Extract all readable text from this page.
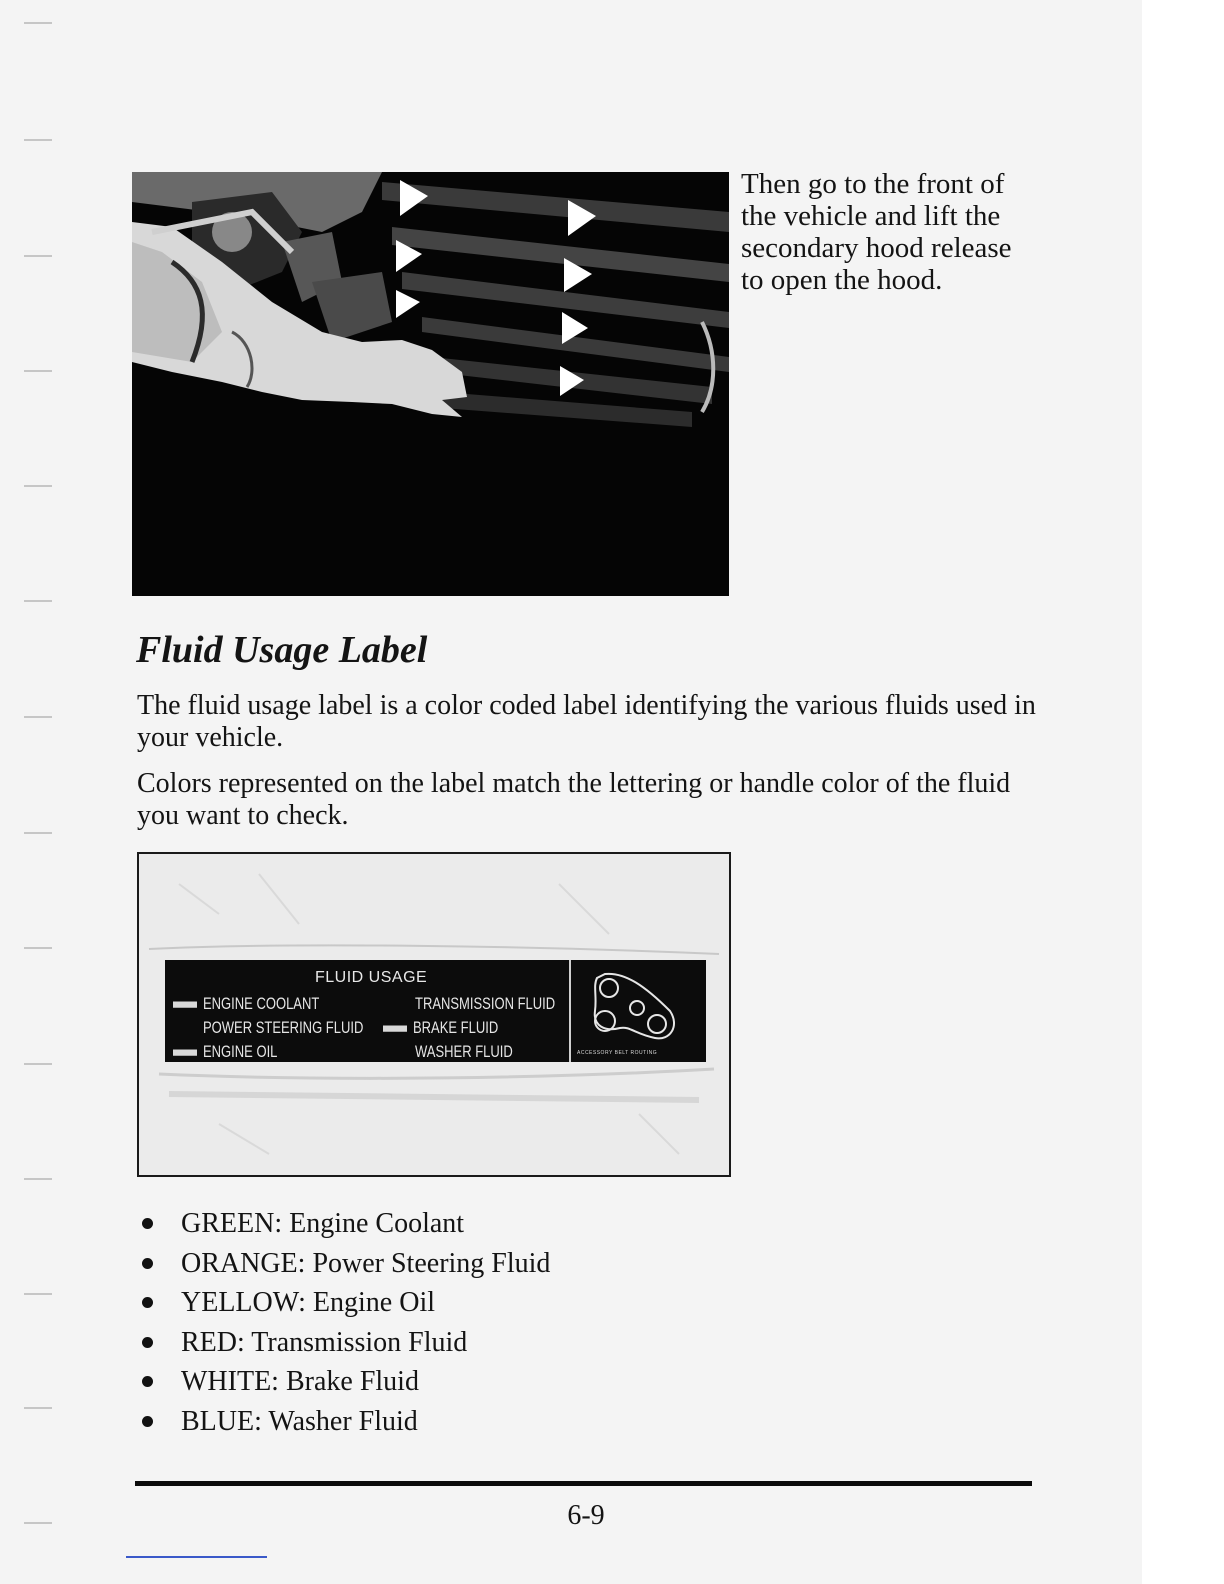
Then go to the front of the vehicle and lift the secondary hood release to open the hood.
Fluid Usage Label

The fluid usage label is a color coded label identifying the various fluids used in your vehicle.

Colors represented on the label match the lettering or handle color of the fluid you want to check.

FLUID USAGE
ENGINE COOLANT
POWER STEERING FLUID
ENGINE OIL
TRANSMISSION FLUID
BRAKE FLUID
WASHER FLUID	ACCESSORY BELT ROUTING
GREEN: Engine Coolant
ORANGE: Power Steering Fluid
YELLOW: Engine Oil
RED: Transmission Fluid
WHITE: Brake Fluid
BLUE: Washer Fluid
6-9
